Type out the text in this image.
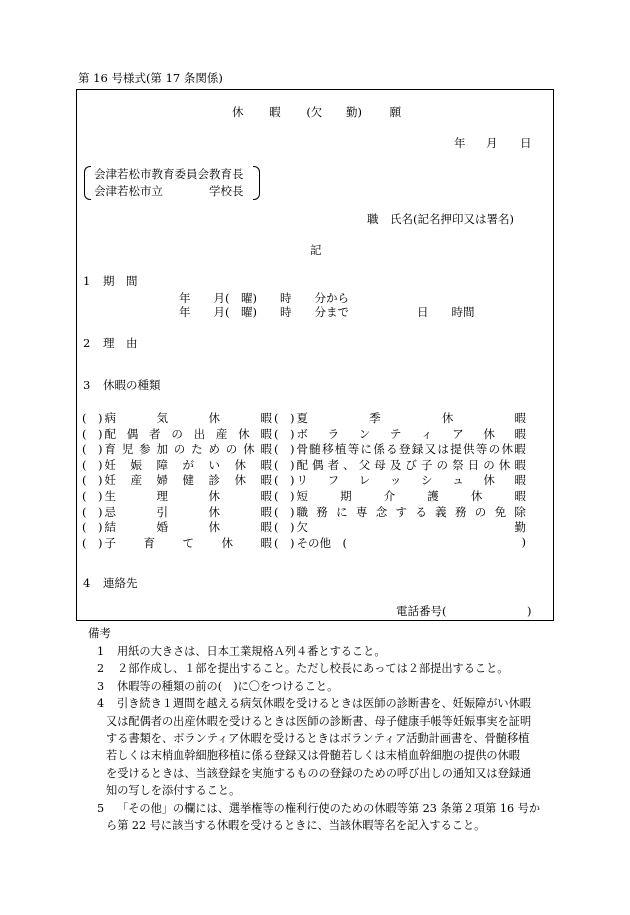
第 16 号様式(第 17 条関係)
休 暇 (欠 勤) 願
年 月 日
会津若松市教育委員会教育長
会津若松市立　　　　学校長
職　氏名(記名押印又は署名)
記
1 期　間
年　　月(　曜)　　時　　分から
年　　月(　曜)　　時　　分まで	日　　時間
2 理　由
3 休暇の種類
(　) 病	気	休	暇 (　) 夏	季	休	暇
(　) 配 偶 者 の 出 産 休 暇 (　) ボ ラ ン テ ィ ア 休 暇
(　) 育 児 参 加 の た め の 休 暇 (　) 骨 髄 移 植 等 に 係 る 登 録 又 は 提 供 等 の 休 暇
(　) 妊 娠 障 が い 休 暇 (　) 配 偶 者 、 父 母 及 び 子 の 祭 日 の 休 暇
(　) 妊 産 婦 健 診 休 暇 (　) リ フ レ ッ シ ュ 休 暇
(　) 生	理	休	暇 (　) 短	期	介	護	休	暇
(　) 忌	引	休	暇 (　) 職 務 に 専 念 す る 義 務 の 免 除
(　) 結	婚	休	暇 (　) 欠	勤
(　) 子 育 て 休 暇 (　) その他　(	)
4 連絡先
電話番号(　　　　　　　)
備考
1 用紙の大きさは、日本工業規格Ａ列４番とすること。
2 ２部作成し、１部を提出すること。ただし校長にあっては２部提出すること。
3 休暇等の種類の前の(　)に〇をつけること。
4 引き続き１週間を越える病気休暇を受けるときは医師の診断書を、妊娠障がい休暇
又は配偶者の出産休暇を受けるときは医師の診断書、母子健康手帳等妊娠事実を証明
する書類を、ボランティア休暇を受けるときはボランティア活動計画書を、骨髄移植
若しくは末梢血幹細胞移植に係る登録又は骨髄若しくは末梢血幹細胞の提供の休暇
を受けるときは、当該登録を実施するものの登録のための呼び出しの通知又は登録通
知の写しを添付すること。
5 「その他」の欄には、選挙権等の権利行使のための休暇等第 23 条第２項第 16 号か
ら第 22 号に該当する休暇を受けるときに、当該休暇等名を記入すること。
